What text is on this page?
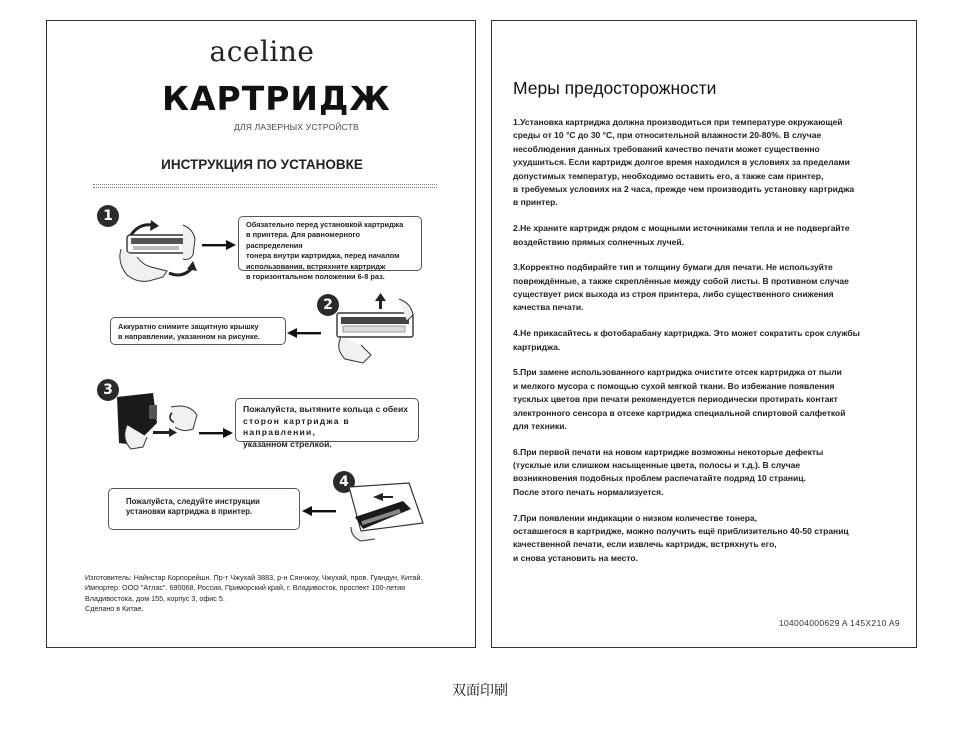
aceline
КАРТРИДЖ
ДЛЯ ЛАЗЕРНЫХ УСТРОЙСТВ
ИНСТРУКЦИЯ ПО УСТАНОВКЕ
1
Обязательно перед установкой картриджа
в принтера. Для равномерного распределения
тонера внутри картриджа, перед началом
использования, встряхните картридж
в горизонтальном положении 6-8 раз.
2
Аккуратно снимите защитную крышку
в направлении, указанном на рисунке.
3
Пожалуйста, вытяните кольца с обеих
сторон картриджа в направлении,
указанном стрелкой.
4
Пожалуйста, следуйте инструкции
установки картриджа в принтер.
Изготовитель: Найнстар Корпорейшн. Пр-т Чжухай 3883, р-н Сянчжоу, Чжухай, пров. Гуандун, Китай.
Импортер: ООО "Атлас". 690068, Россия, Приморский край, г. Владивосток, проспект 100-летия
Владивостока, дом 155, корпус 3, офис 5.
Сделано в Китае.
Меры предосторожности

1.Установка картриджа должна производиться при температуре окружающей
среды от 10 °С до 30 °С, при относительной влажности 20-80%. В случае
несоблюдения данных требований качество печати может существенно
ухудшиться. Если картридж долгое время находился в условиях за пределами
допустимых температур, необходимо оставить его, а также сам принтер,
в требуемых условиях на 2 часа, прежде чем производить установку картриджа
в принтер.

2.Не храните картридж рядом с мощными источниками тепла и не подвергайте
воздействию прямых солнечных лучей.

3.Корректно подбирайте тип и толщину бумаги для печати. Не используйте
повреждённые, а также скреплённые между собой листы. В противном случае
существует риск выхода из строя принтера, либо существенного снижения
качества печати.

4.Не прикасайтесь к фотобарабану картриджа. Это может сократить срок службы
картриджа.

5.При замене использованного картриджа очистите отсек картриджа от пыли
и мелкого мусора с помощью сухой мягкой ткани. Во избежание появления
тусклых цветов при печати рекомендуется периодически протирать контакт
электронного сенсора в отсеке картриджа специальной спиртовой салфеткой
для техники.

6.При первой печати на новом картридже возможны некоторые дефекты
(тусклые или слишком насыщенные цвета, полосы и т.д.). В случае
возникновения подобных проблем распечатайте подряд 10 страниц.
После этого печать нормализуется.

7.При появлении индикации о низком количестве тонера,
оставшегося в картридже, можно получить ещё приблизительно 40-50 страниц
качественной печати, если извлечь картридж, встряхнуть его,
и снова установить на место.

104004000629 A 145X210 A9
双面印刷
